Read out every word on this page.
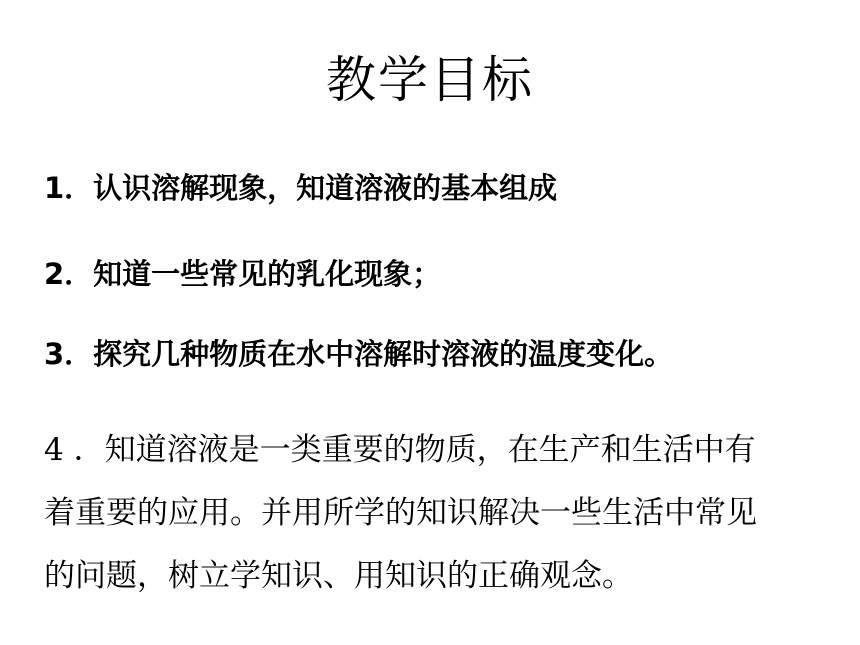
教学目标

1．认识溶解现象，知道溶液的基本组成

2．知道一些常见的乳化现象；

3．探究几种物质在水中溶解时溶液的温度变化。

4 ．知道溶液是一类重要的物质，在生产和生活中有
着重要的应用。并用所学的知识解决一些生活中常见
的问题，树立学知识、用知识的正确观念。
